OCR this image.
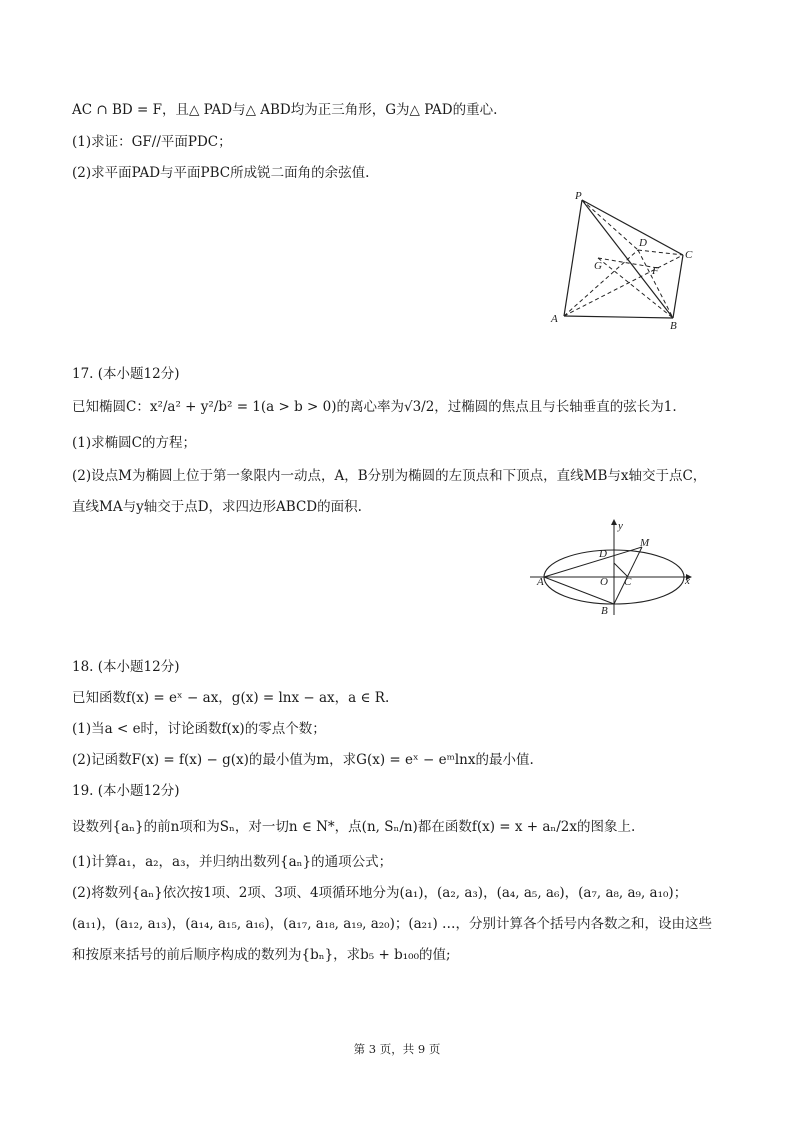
AC ∩ BD = F，且△ PAD与△ ABD均为正三角形，G为△ PAD的重心.
(1)求证：GF//平面PDC；
(2)求平面PAD与平面PBC所成锐二面角的余弦值.
P
D
C
G	F
A
B
17. (本小题12分)
已知椭圆C：x²/a² + y²/b² = 1(a > b > 0)的离心率为√3/2，过椭圆的焦点且与长轴垂直的弦长为1.
(1)求椭圆C的方程；
(2)设点M为椭圆上位于第一象限内一动点，A，B分别为椭圆的左顶点和下顶点，直线MB与x轴交于点C，
直线MA与y轴交于点D，求四边形ABCD的面积.
y
M
D
A	O C	x
B
18. (本小题12分)
已知函数f(x) = eˣ − ax，g(x) = lnx − ax，a ∈ R.
(1)当a < e时，讨论函数f(x)的零点个数；
(2)记函数F(x) = f(x) − g(x)的最小值为m，求G(x) = eˣ − eᵐlnx的最小值.
19. (本小题12分)
设数列{aₙ}的前n项和为Sₙ，对一切n ∈ N*，点(n, Sₙ/n)都在函数f(x) = x + aₙ/2x的图象上.
(1)计算a₁，a₂，a₃，并归纳出数列{aₙ}的通项公式；
(2)将数列{aₙ}依次按1项、2项、3项、4项循环地分为(a₁)，(a₂, a₃)，(a₄, a₅, a₆)，(a₇, a₈, a₉, a₁₀)；
(a₁₁)，(a₁₂, a₁₃)，(a₁₄, a₁₅, a₁₆)，(a₁₇, a₁₈, a₁₉, a₂₀)；(a₂₁) …，分别计算各个括号内各数之和，设由这些
和按原来括号的前后顺序构成的数列为{bₙ}，求b₅ + b₁₀₀的值;
第 3 页，共 9 页
